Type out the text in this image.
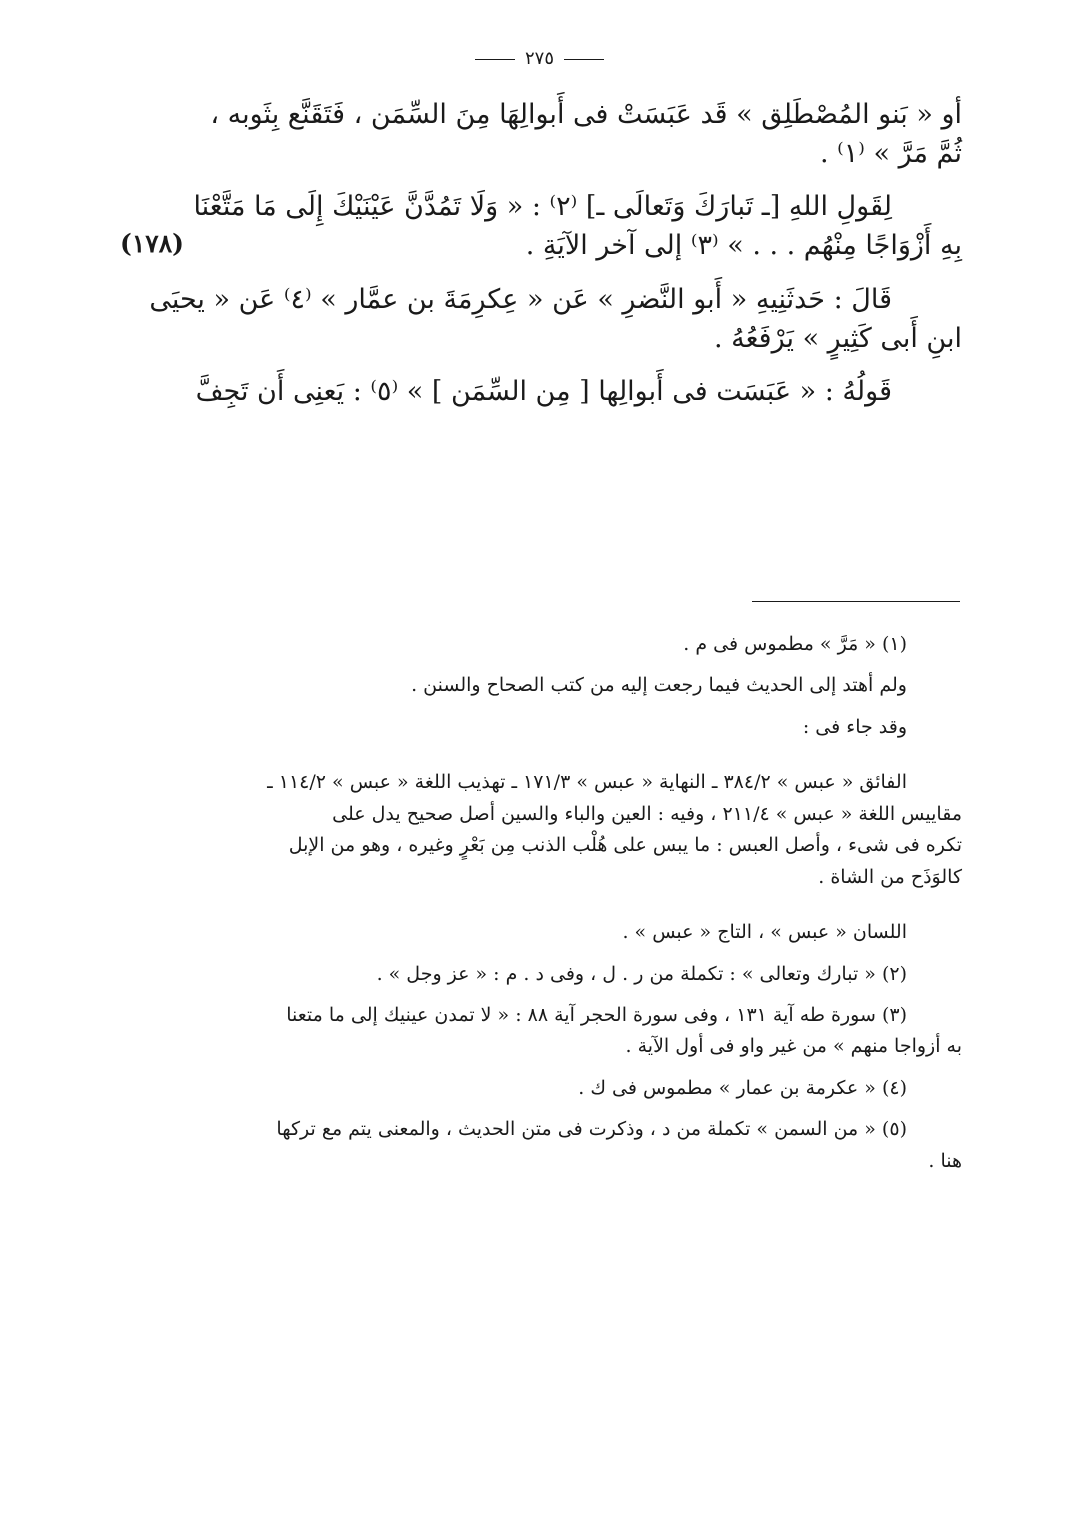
٢٧٥

أو « بَنو المُصْطَلِق » قَد عَبَسَتْ فى أَبوالِهَا مِنَ السِّمَن ، فَتَقَنَّع بِثَوبه ،

ثُمَّ مَرَّ » ⁽١⁾ .

لِقَولِ اللهِ [ـ تَبارَكَ وَتَعالَى ـ] ⁽٢⁾ : « وَلَا تَمُدَّنَّ عَيْنَيْكَ إِلَى مَا مَتَّعْنَا

(١٧٨)	بِهِ أَزْوَاجًا مِنْهُم . . . » ⁽٣⁾ إلى آخر الآيَةِ .

قَالَ : حَدثَنِيهِ « أَبو النَّضرِ » عَن « عِكرِمَةَ بن عمَّار » ⁽٤⁾ عَن « يحيَى

ابنِ أَبى كَثِيرٍ » يَرْفَعُهُ .

قَولُهُ : « عَبَسَت فى أَبوالِها [ مِن السِّمَن ] » ⁽٥⁾ : يَعنِى أَن تَجِفَّ

(١) « مَرَّ » مطموس فى م .

ولم أهتد إلى الحديث فيما رجعت إليه من كتب الصحاح والسنن .

وقد جاء فى :

الفائق « عبس » ٣٨٤/٢ ـ النهاية « عبس » ١٧١/٣ ـ تهذيب اللغة « عبس » ١١٤/٢ ـ

مقاييس اللغة « عبس » ٢١١/٤ ، وفيه : العين والباء والسين أصل صحيح يدل على

تكره فى شىء ، وأصل العبس : ما يبس على هُلْب الذنب مِن بَعْرٍ وغيره ، وهو من الإبل

كالوَذَح من الشاة .

اللسان « عبس » ، التاج « عبس » .

(٢) « تبارك وتعالى » : تكملة من ر . ل ، وفى د . م : « عز وجل » .

(٣) سورة طه آية ١٣١ ، وفى سورة الحجر آية ٨٨ : « لا تمدن عينيك إلى ما متعنا

به أزواجا منهم » من غير واو فى أول الآية .

(٤) « عكرمة بن عمار » مطموس فى ك .

(٥) « من السمن » تكملة من د ، وذكرت فى متن الحديث ، والمعنى يتم مع تركها

هنا .
